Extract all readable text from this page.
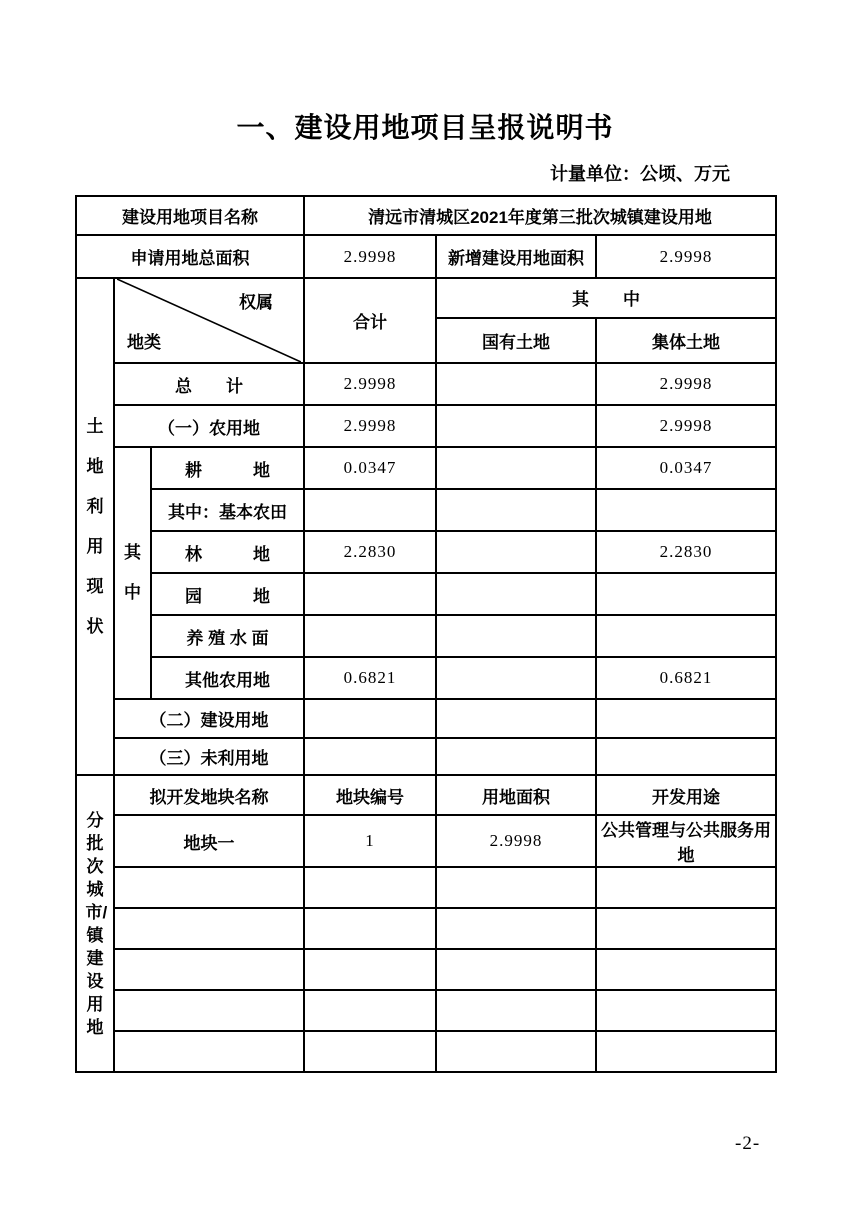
一、建设用地项目呈报说明书
计量单位：公顷、万元
建设用地项目名称			清远市清城区2021年度第三批次城镇建设用地		
申请用地总面积			2.9998	新增建设用地面积	2.9998

土地利用现状	权属
地类		合计	其　　中	
				国有土地	集体土地
	总　　计		2.9998		2.9998
	（一）农用地		2.9998		2.9998

	其中	耕　　　地	0.0347		0.0347
		其中：基本农田			
		林　　　地	2.2830		2.2830
		园　　　地			
		养 殖 水 面			
		其他农用地	0.6821		0.6821
	（二）建设用地				
	（三）未利用地				

分批次城市/镇建设用地	拟开发地块名称		地块编号	用地面积	开发用途
	地块一		1	2.9998	公共管理与公共服务用地

-2-
